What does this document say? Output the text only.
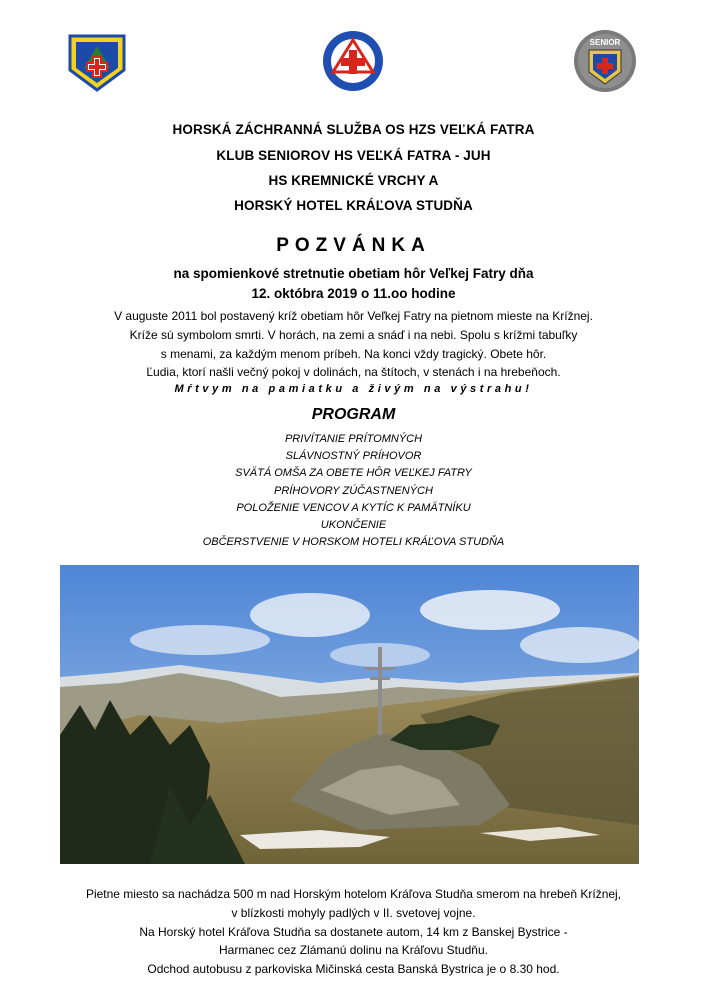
SENIOR
HORSKÁ ZÁCHRANNÁ SLUŽBA OS HZS VEĽKÁ FATRA
KLUB SENIOROV HS VEĽKÁ FATRA - JUH
HS KREMNICKÉ VRCHY A
HORSKÝ HOTEL KRÁĽOVA STUDŇA
POZVÁNKA
na spomienkové stretnutie obetiam hôr Veľkej Fatry dňa
12. októbra 2019 o 11.oo hodine
V auguste 2011 bol postavený kríž obetiam hôr Veľkej Fatry na pietnom mieste na Krížnej.
Kríže sú symbolom smrti. V horách, na zemi a snáď i na nebi. Spolu s krížmi tabuľky
s menami, za každým menom príbeh. Na konci vždy tragický. Obete hôr.
Ľudia, ktorí našli večný pokoj v dolinách, na štítoch, v stenách i na hrebeňoch.
Mŕtvym na pamiatku a živým na výstrahu!
PROGRAM
PRIVÍTANIE PRÍTOMNÝCH
SLÁVNOSTNÝ PRÍHOVOR
SVÄTÁ OMŠA ZA OBETE HÔR VEĽKEJ FATRY
PRÍHOVORY ZÚČASTNENÝCH
POLOŽENIE VENCOV A KYTÍC K PAMÄTNÍKU
UKONČENIE
OBČERSTVENIE V HORSKOM HOTELI KRÁĽOVA STUDŇA
Pietne miesto sa nachádza 500 m nad Horským hotelom Kráľova Studňa smerom na hrebeň Krížnej,
v blízkosti mohyly padlých v II. svetovej vojne.
Na Horský hotel Kráľova Studňa sa dostanete autom, 14 km z Banskej Bystrice -
Harmanec cez Zlámanú dolinu na Kráľovu Studňu.
Odchod autobusu z parkoviska Mičinská cesta Banská Bystrica je o 8.30 hod.
